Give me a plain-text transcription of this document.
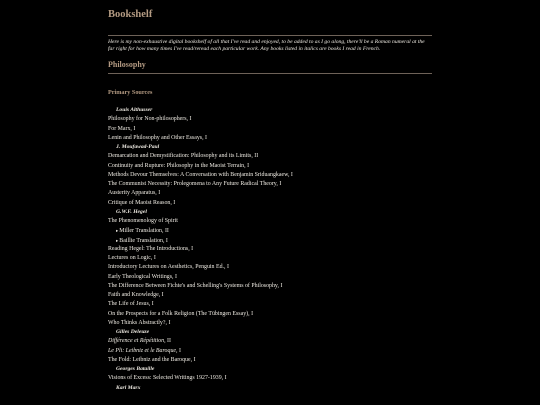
Bookshelf

Here is my non-exhaustive digital bookshelf of all that I've read and enjoyed, to be added to as I go along, there'll be a Roman numeral at the far right for how many times I've read/reread each particular work. Any books listed in italics are books I read in French.

Philosophy
Primary Sources
Louis Althusser
Philosophy for Non-philosophers, I
For Marx, I
Lenin and Philosophy and Other Essays, I
J. Moufawad-Paul
Demarcation and Demystification: Philosophy and its Limits, II
Continuity and Rupture: Philosophy in the Maoist Terrain, I
Methods Devour Themselves: A Conversation with Benjamin Sriduangkaew, I
The Communist Necessity: Prolegomena to Any Future Radical Theory, I
Austerity Apparatus, I
Critique of Maoist Reason, I
G.W.F. Hegel
The Phenomenology of Spirit
▸Miller Translation, II
▸Baillie Translation, I
Reading Hegel: The Introductions, I
Lectures on Logic, I
Introductory Lectures on Aesthetics, Penguin Ed., I
Early Theological Writings, I
The Difference Between Fichte's and Schelling's Systems of Philosophy, I
Faith and Knowledge, I
The Life of Jesus, I
On the Prospects for a Folk Religion (The Tübingen Essay), I
Who Thinks Abstractly?, I
Gilles Deleuze
Différence et Répétition, II
Le Pli: Leibniz et le Baroque, I
The Fold: Leibniz and the Baroque, I
Georges Bataille
Visions of Excess: Selected Writings 1927-1939, I
Karl Marx
